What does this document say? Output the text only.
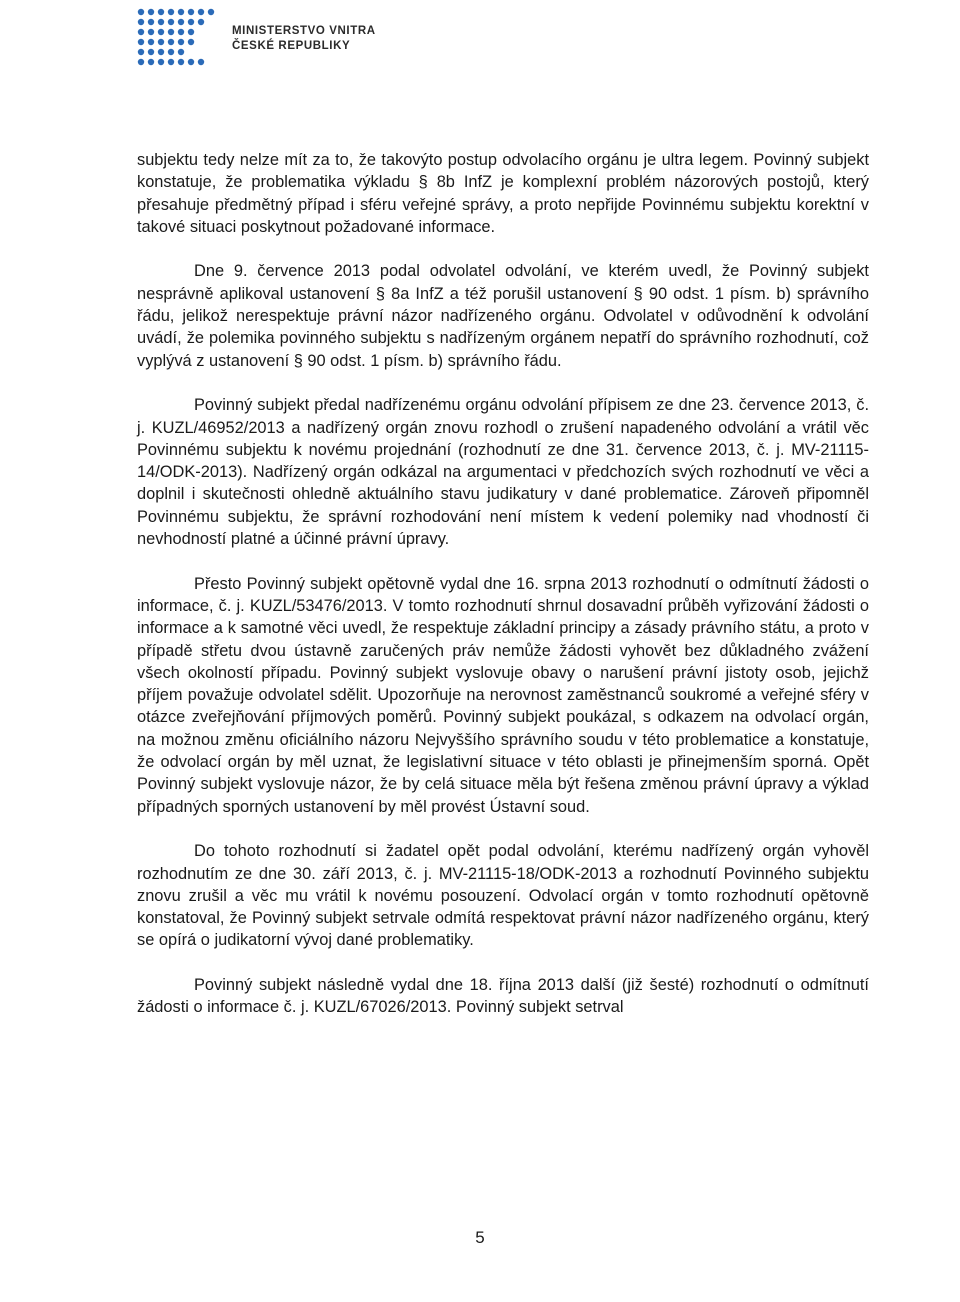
MINISTERSTVO VNITRA
ČESKÉ REPUBLIKY

subjektu tedy nelze mít za to, že takovýto postup odvolacího orgánu je ultra legem. Povinný subjekt konstatuje, že problematika výkladu § 8b InfZ je komplexní problém názorových postojů, který přesahuje předmětný případ i sféru veřejné správy, a proto nepřijde Povinnému subjektu korektní v takové situaci poskytnout požadované informace.

Dne 9. července 2013 podal odvolatel odvolání, ve kterém uvedl, že Povinný subjekt nesprávně aplikoval ustanovení § 8a InfZ a též porušil ustanovení § 90 odst. 1 písm. b) správního řádu, jelikož nerespektuje právní názor nadřízeného orgánu. Odvolatel v odůvodnění k odvolání uvádí, že polemika povinného subjektu s nadřízeným orgánem nepatří do správního rozhodnutí, což vyplývá z ustanovení § 90 odst. 1 písm. b) správního řádu.

Povinný subjekt předal nadřízenému orgánu odvolání přípisem ze dne 23. července 2013, č. j. KUZL/46952/2013 a nadřízený orgán znovu rozhodl o zrušení napadeného odvolání a vrátil věc Povinnému subjektu k novému projednání (rozhodnutí ze dne 31. července 2013, č. j. MV-21115-14/ODK-2013). Nadřízený orgán odkázal na argumentaci v předchozích svých rozhodnutí ve věci a doplnil i skutečnosti ohledně aktuálního stavu judikatury v dané problematice. Zároveň připomněl Povinnému subjektu, že správní rozhodování není místem k vedení polemiky nad vhodností či nevhodností platné a účinné právní úpravy.

Přesto Povinný subjekt opětovně vydal dne 16. srpna 2013 rozhodnutí o odmítnutí žádosti o informace, č. j. KUZL/53476/2013. V tomto rozhodnutí shrnul dosavadní průběh vyřizování žádosti o informace a k samotné věci uvedl, že respektuje základní principy a zásady právního státu, a proto v případě střetu dvou ústavně zaručených práv nemůže žádosti vyhovět bez důkladného zvážení všech okolností případu. Povinný subjekt vyslovuje obavy o narušení právní jistoty osob, jejichž příjem považuje odvolatel sdělit. Upozorňuje na nerovnost zaměstnanců soukromé a veřejné sféry v otázce zveřejňování příjmových poměrů. Povinný subjekt poukázal, s odkazem na odvolací orgán, na možnou změnu oficiálního názoru Nejvyššího správního soudu v této problematice a konstatuje, že odvolací orgán by měl uznat, že legislativní situace v této oblasti je přinejmenším sporná. Opět Povinný subjekt vyslovuje názor, že by celá situace měla být řešena změnou právní úpravy a výklad případných sporných ustanovení by měl provést Ústavní soud.

Do tohoto rozhodnutí si žadatel opět podal odvolání, kterému nadřízený orgán vyhověl rozhodnutím ze dne 30. září 2013, č. j. MV-21115-18/ODK-2013 a rozhodnutí Povinného subjektu znovu zrušil a věc mu vrátil k novému posouzení. Odvolací orgán v tomto rozhodnutí opětovně konstatoval, že Povinný subjekt setrvale odmítá respektovat právní názor nadřízeného orgánu, který se opírá o judikatorní vývoj dané problematiky.

Povinný subjekt následně vydal dne 18. října 2013 další (již šesté) rozhodnutí o odmítnutí žádosti o informace č. j. KUZL/67026/2013. Povinný subjekt setrval

5
